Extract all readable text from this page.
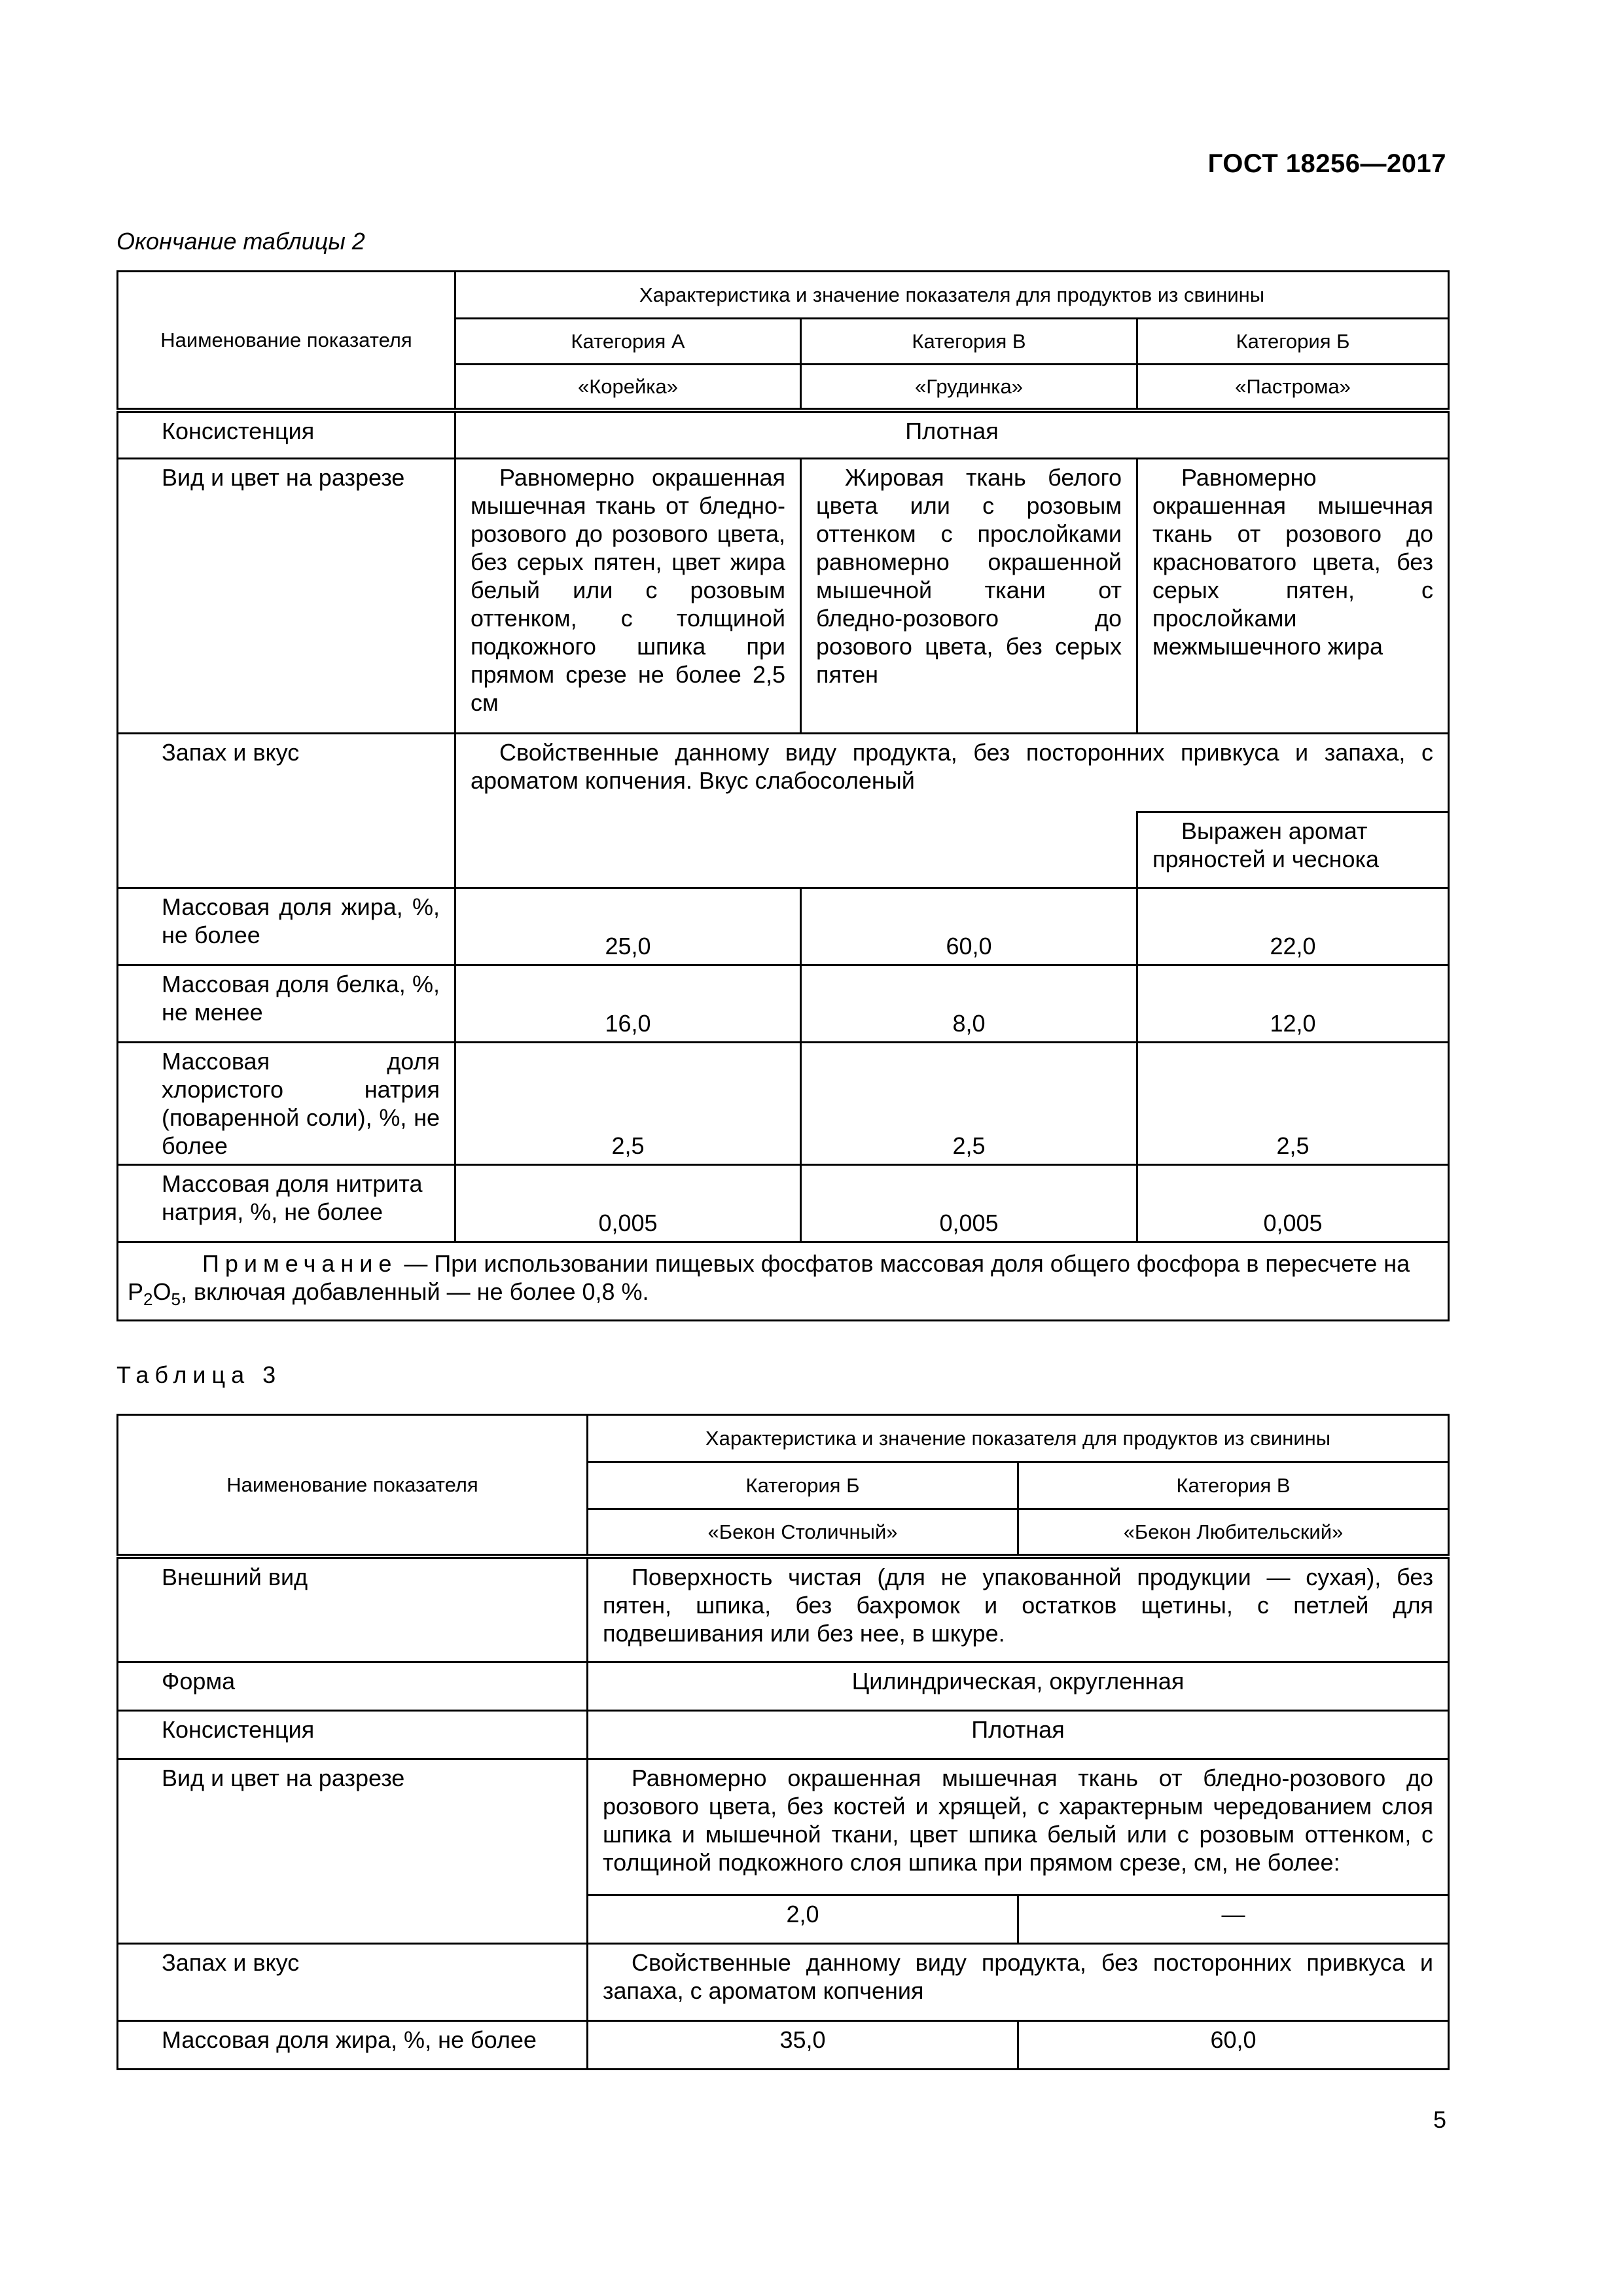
ГОСТ 18256—2017
Окончание таблицы 2
Наименование показателя	Характеристика и значение показателя для продуктов из свинины		
	Категория А	Категория В	Категория Б
	«Корейка»	«Грудинка»	«Пастрома»
Консистенция	Плотная		
Вид и цвет на разрезе	Равномерно окрашенная мышечная ткань от бледно-розового до розового цвета, без серых пятен, цвет жира белый или с розовым оттенком, с толщиной подкожного шпика при прямом срезе не более 2,5 см	Жировая ткань белого цвета или с розовым оттенком с прослойками равномерно окрашенной мышечной ткани от бледно-розового до розового цвета, без серых пятен	Равномерно окрашенная мышечная ткань от розового до красноватого цвета, без серых пятен, с прослойками межмышечного жира
Запах и вкус	Свойственные данному виду продукта, без посторонних привкуса и запаха, с ароматом копчения. Вкус слабосоленый		
			Выражен аромат пряностей и чеснока
Массовая доля жира, %, не более	25,0	60,0	22,0
Массовая доля белка, %, не менее	16,0	8,0	12,0
Массовая доля хлористого натрия (поваренной соли), %, не более	2,5	2,5	2,5
Массовая доля нитрита натрия, %, не более	0,005	0,005	0,005
Примечание — При использовании пищевых фосфатов массовая доля общего фосфора в пересчете на $P_2O_5$, включая добавленный — не более 0,8 %.			
Таблица 3
Наименование показателя	Характеристика и значение показателя для продуктов из свинины	
	Категория Б	Категория В
	«Бекон Столичный»	«Бекон Любительский»
Внешний вид	Поверхность чистая (для не упакованной продукции — сухая), без пятен, шпика, без бахромок и остатков щетины, с петлей для подвешивания или без нее, в шкуре.	
Форма	Цилиндрическая, округленная	
Консистенция	Плотная	
Вид и цвет на разрезе	Равномерно окрашенная мышечная ткань от бледно-розового до розового цвета, без костей и хрящей, с характерным чередованием слоя шпика и мышечной ткани, цвет шпика белый или с розовым оттенком, с толщиной подкожного слоя шпика при прямом срезе, см, не более:	
	2,0	—
Запах и вкус	Свойственные данному виду продукта, без посторонних привкуса и запаха, с ароматом копчения	
Массовая доля жира, %, не более	35,0	60,0
5
